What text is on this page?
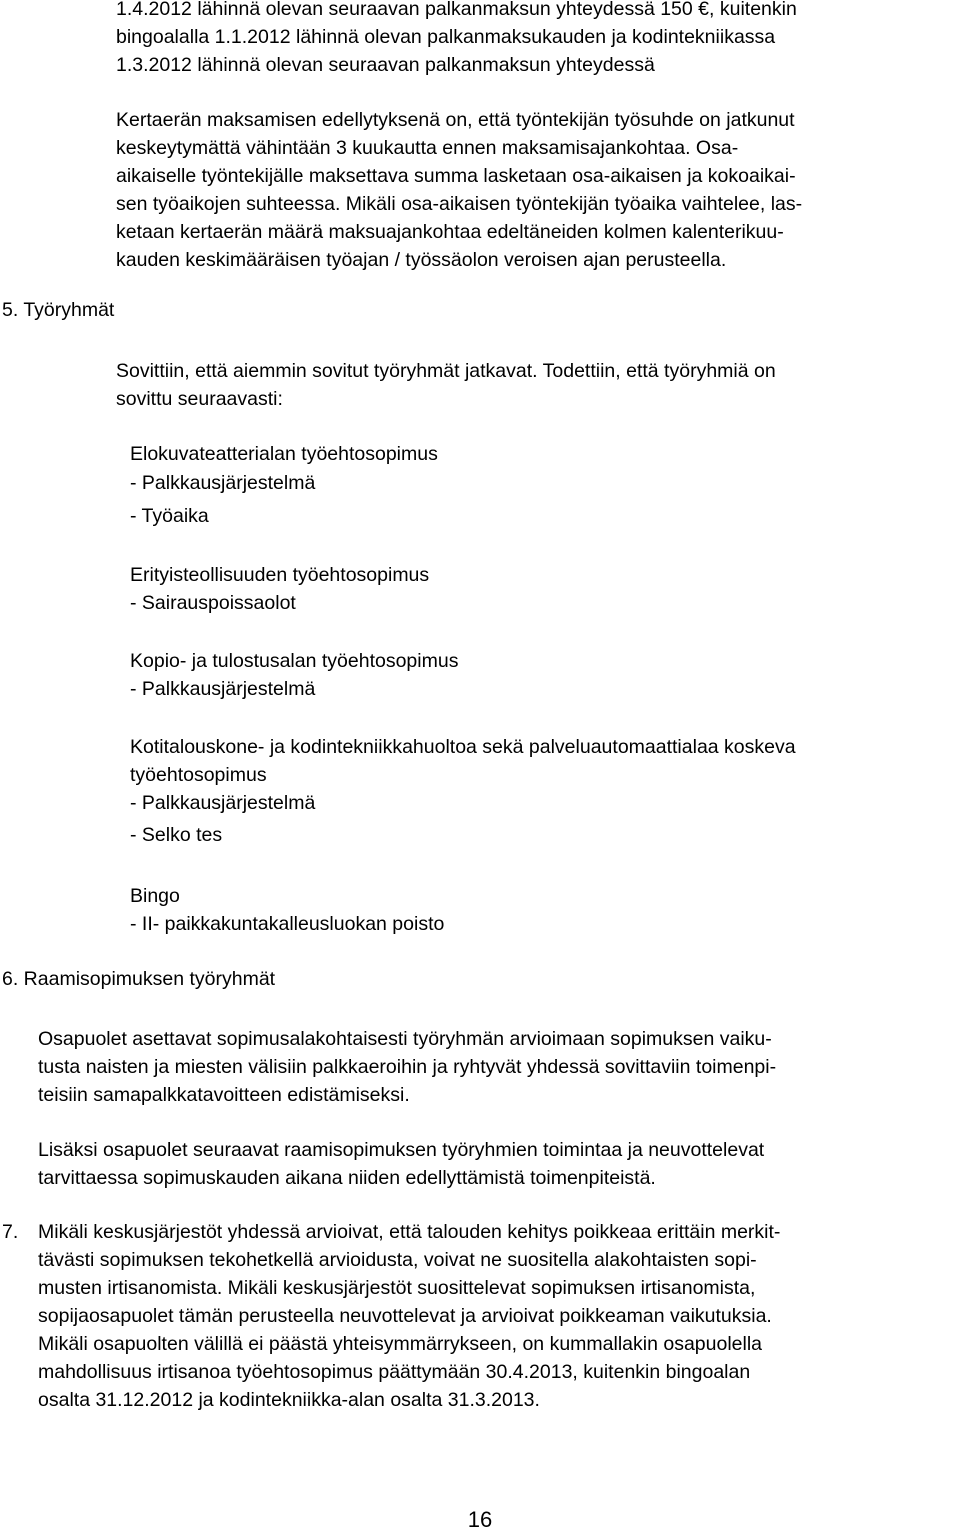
1.4.2012 lähinnä olevan seuraavan palkanmaksun yhteydessä 150 €, kuitenkin
bingoalalla 1.1.2012 lähinnä olevan palkanmaksukauden ja kodintekniikassa
1.3.2012 lähinnä olevan seuraavan palkanmaksun yhteydessä
Kertaerän maksamisen edellytyksenä on, että työntekijän työsuhde on jatkunut
keskeytymättä vähintään 3 kuukautta ennen maksamisajankohtaa. Osa-
aikaiselle työntekijälle maksettava summa lasketaan osa-aikaisen ja kokoaikai-
sen työaikojen suhteessa. Mikäli osa-aikaisen työntekijän työaika vaihtelee, las-
ketaan kertaerän määrä maksuajankohtaa edeltäneiden kolmen kalenterikuu-
kauden keskimääräisen työajan / työssäolon veroisen ajan perusteella.
5. Työryhmät
Sovittiin, että aiemmin sovitut työryhmät jatkavat. Todettiin, että työryhmiä on
sovittu seuraavasti:
Elokuvateatterialan työehtosopimus
- Palkkausjärjestelmä
- Työaika
Erityisteollisuuden työehtosopimus
- Sairauspoissaolot
Kopio- ja tulostusalan työehtosopimus
- Palkkausjärjestelmä
Kotitalouskone- ja kodintekniikkahuoltoa sekä palveluautomaattialaa koskeva
työehtosopimus
- Palkkausjärjestelmä
- Selko tes
Bingo
- II- paikkakuntakalleusluokan poisto
6. Raamisopimuksen työryhmät
Osapuolet asettavat sopimusalakohtaisesti työryhmän arvioimaan sopimuksen vaiku-
tusta naisten ja miesten välisiin palkkaeroihin ja ryhtyvät yhdessä sovittaviin toimenpi-
teisiin samapalkkatavoitteen edistämiseksi.
Lisäksi osapuolet seuraavat raamisopimuksen työryhmien toimintaa ja neuvottelevat
tarvittaessa sopimuskauden aikana niiden edellyttämistä toimenpiteistä.
7. Mikäli keskusjärjestöt yhdessä arvioivat, että talouden kehitys poikkeaa erittäin merkit-
tävästi sopimuksen tekohetkellä arvioidusta, voivat ne suositella alakohtaisten sopi-
musten irtisanomista. Mikäli keskusjärjestöt suosittelevat sopimuksen irtisanomista,
sopijaosapuolet tämän perusteella neuvottelevat ja arvioivat poikkeaman vaikutuksia.
Mikäli osapuolten välillä ei päästä yhteisymmärrykseen, on kummallakin osapuolella
mahdollisuus irtisanoa työehtosopimus päättymään 30.4.2013, kuitenkin bingoalan
osalta 31.12.2012 ja kodintekniikka-alan osalta 31.3.2013.
16
